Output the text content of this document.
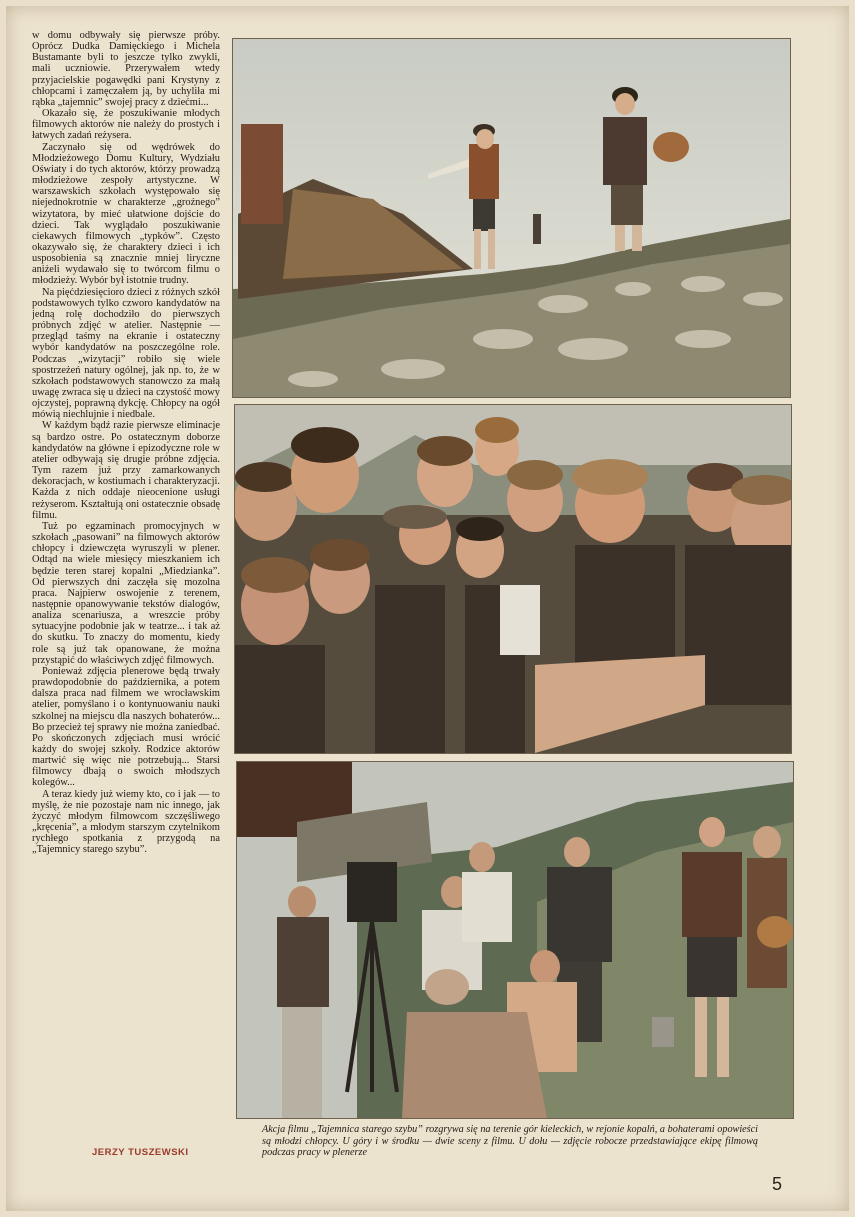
w domu odbywały się pierwsze próby. Oprócz Dudka Damięckiego i Michela Bustamante byli to jeszcze tylko zwykli, mali uczniowie. Przerywałem wtedy przyjacielskie pogawędki pani Krystyny z chłopcami i zamęczałem ją, by uchyliła mi rąbka „tajemnic” swojej pracy z dziećmi...

Okazało się, że poszukiwanie młodych filmowych aktorów nie należy do prostych i łatwych zadań reżysera.

Zaczynało się od wędrówek do Młodzieżowego Domu Kultury, Wydziału Oświaty i do tych aktorów, którzy prowadzą młodzieżowe zespoły artystyczne. W warszawskich szkołach występowało się niejednokrotnie w charakterze „groźnego” wizytatora, by mieć ułatwione dojście do dzieci. Tak wyglądało poszukiwanie ciekawych filmowych „typków”. Często okazywało się, że charaktery dzieci i ich usposobienia są znacznie mniej liryczne aniżeli wydawało się to twórcom filmu o młodzieży. Wybór był istotnie trudny.

Na pięćdziesięcioro dzieci z różnych szkół podstawowych tylko czworo kandydatów na jedną rolę dochodziło do pierwszych próbnych zdjęć w atelier. Następnie — przegląd taśmy na ekranie i ostateczny wybór kandydatów na poszczególne role. Podczas „wizytacji” robiło się wiele spostrzeżeń natury ogólnej, jak np. to, że w szkołach podstawowych stanowczo za małą uwagę zwraca się u dzieci na czystość mowy ojczystej, poprawną dykcję. Chłopcy na ogół mówią niechlujnie i niedbale.

W każdym bądź razie pierwsze eliminacje są bardzo ostre. Po ostatecznym doborze kandydatów na główne i epizodyczne role w atelier odbywają się drugie próbne zdjęcia. Tym razem już przy zamarkowanych dekoracjach, w kostiumach i charakteryzacji. Każda z nich oddaje nieocenione usługi reżyserom. Kształtują oni ostatecznie obsadę filmu.

Tuż po egzaminach promocyjnych w szkołach „pasowani” na filmowych aktorów chłopcy i dziewczęta wyruszyli w plener. Odtąd na wiele miesięcy mieszkaniem ich będzie teren starej kopalni „Miedzianka”. Od pierwszych dni zaczęła się mozolna praca. Najpierw oswojenie z terenem, następnie opanowywanie tekstów dialogów, analiza scenariusza, a wreszcie próby sytuacyjne podobnie jak w teatrze... i tak aż do skutku. To znaczy do momentu, kiedy role są już tak opanowane, że można przystąpić do właściwych zdjęć filmowych.

Ponieważ zdjęcia plenerowe będą trwały prawdopodobnie do października, a potem dalsza praca nad filmem we wrocławskim atelier, pomyślano i o kontynuowaniu nauki szkolnej na miejscu dla naszych bohaterów... Bo przecież tej sprawy nie można zaniedbać. Po skończonych zdjęciach musi wrócić każdy do swojej szkoły. Rodzice aktorów martwić się więc nie potrzebują... Starsi filmowcy dbają o swoich młodszych kolegów...

A teraz kiedy już wiemy kto, co i jak — to myślę, że nie pozostaje nam nic innego, jak życzyć młodym filmowcom szczęśliwego „kręcenia”, a młodym starszym czytelnikom rychłego spotkania z przygodą na „Tajemnicy starego szybu”.

JERZY TUSZEWSKI
Akcja filmu „Tajemnica starego szybu” rozgrywa się na terenie gór kieleckich, w rejonie kopalń, a bohaterami opowieści są młodzi chłopcy. U góry i w środku — dwie sceny z filmu. U dołu — zdjęcie robocze przedstawiające ekipę filmową podczas pracy w plenerze
5
